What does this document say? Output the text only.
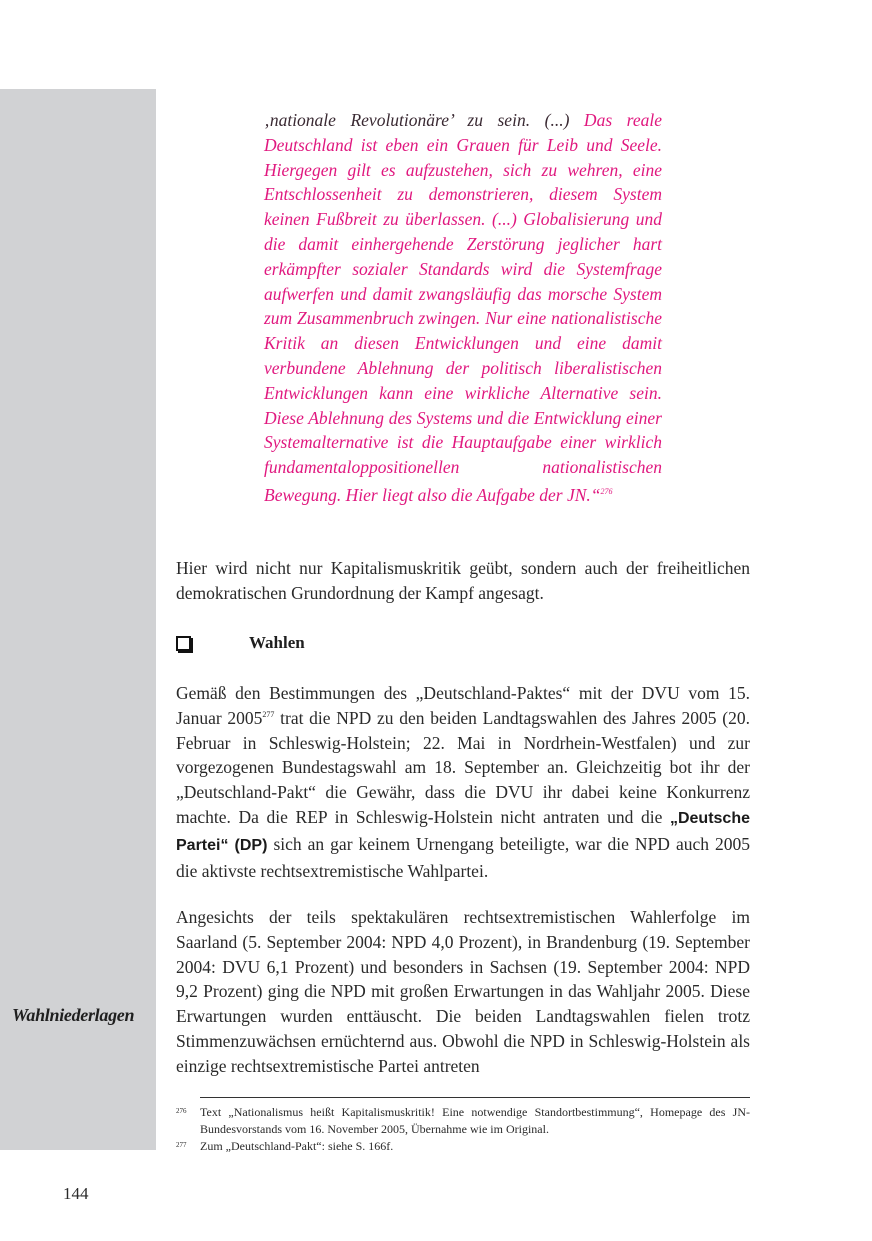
Wahlniederlagen

‚nationale Revolutionäre’ zu sein. (...) Das reale Deutschland ist eben ein Grauen für Leib und Seele. Hiergegen gilt es aufzustehen, sich zu wehren, eine Entschlossenheit zu demonstrieren, diesem System keinen Fußbreit zu überlassen. (...) Globalisierung und die damit einhergehende Zerstörung jeglicher hart erkämpfter sozialer Standards wird die Systemfrage aufwerfen und damit zwangsläufig das morsche System zum Zusammenbruch zwingen. Nur eine nationalistische Kritik an diesen Entwicklungen und eine damit verbundene Ablehnung der politisch liberalistischen Entwicklungen kann eine wirkliche Alternative sein. Diese Ablehnung des Systems und die Entwicklung einer Systemalternative ist die Hauptaufgabe einer wirklich fundamentaloppositionellen nationalistischen Bewegung. Hier liegt also die Aufgabe der JN.“$^{276}$

Hier wird nicht nur Kapitalismuskritik geübt, sondern auch der freiheitlichen demokratischen Grundordnung der Kampf angesagt.

Wahlen

Gemäß den Bestimmungen des „Deutschland-Paktes“ mit der DVU vom 15. Januar 2005$^{277}$ trat die NPD zu den beiden Landtagswahlen des Jahres 2005 (20. Februar in Schleswig-Holstein; 22. Mai in Nordrhein-Westfalen) und zur vorgezogenen Bundestagswahl am 18. September an. Gleichzeitig bot ihr der „Deutschland-Pakt“ die Gewähr, dass die DVU ihr dabei keine Konkurrenz machte. Da die REP in Schleswig-Holstein nicht antraten und die „Deutsche Partei“ (DP) sich an gar keinem Urnengang beteiligte, war die NPD auch 2005 die aktivste rechtsextremistische Wahlpartei.

Angesichts der teils spektakulären rechtsextremistischen Wahlerfolge im Saarland (5. September 2004: NPD 4,0 Prozent), in Brandenburg (19. September 2004: DVU 6,1 Prozent) und besonders in Sachsen (19. September 2004: NPD 9,2 Prozent) ging die NPD mit großen Erwartungen in das Wahljahr 2005. Diese Erwartungen wurden enttäuscht. Die beiden Landtagswahlen fielen trotz Stimmenzuwächsen ernüchternd aus. Obwohl die NPD in Schleswig-Holstein als einzige rechtsextremistische Partei antreten

276	Text „Nationalismus heißt Kapitalismuskritik! Eine notwendige Standortbestimmung“, Homepage des JN-Bundesvorstands vom 16. November 2005, Übernahme wie im Original.
277	Zum „Deutschland-Pakt“: siehe S. 166f.
144
